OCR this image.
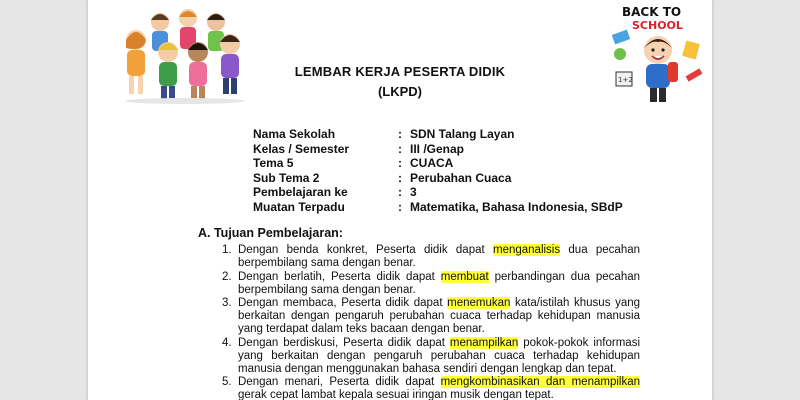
BACK TO
SCHOOL
1+2
LEMBAR KERJA PESERTA DIDIK
(LKPD)
Nama Sekolah	: SDN Talang Layan
Kelas / Semester	: III /Genap
Tema 5	: CUACA
Sub Tema 2	: Perubahan Cuaca
Pembelajaran ke	: 3
Muatan Terpadu	: Matematika, Bahasa Indonesia, SBdP
A. Tujuan Pembelajaran:
1. Dengan benda konkret, Peserta didik dapat menganalisis dua pecahan berpembilang sama dengan benar.
2. Dengan berlatih, Peserta didik dapat membuat perbandingan dua pecahan berpembilang sama dengan benar.
3. Dengan membaca, Peserta didik dapat menemukan kata/istilah khusus yang berkaitan dengan pengaruh perubahan cuaca terhadap kehidupan manusia yang terdapat dalam teks bacaan dengan benar.
4. Dengan berdiskusi, Peserta didik dapat menampilkan pokok-pokok informasi yang berkaitan dengan pengaruh perubahan cuaca terhadap kehidupan manusia dengan menggunakan bahasa sendiri dengan lengkap dan tepat.
5. Dengan menari, Peserta didik dapat mengkombinasikan dan menampilkan gerak cepat lambat kepala sesuai iringan musik dengan tepat.
